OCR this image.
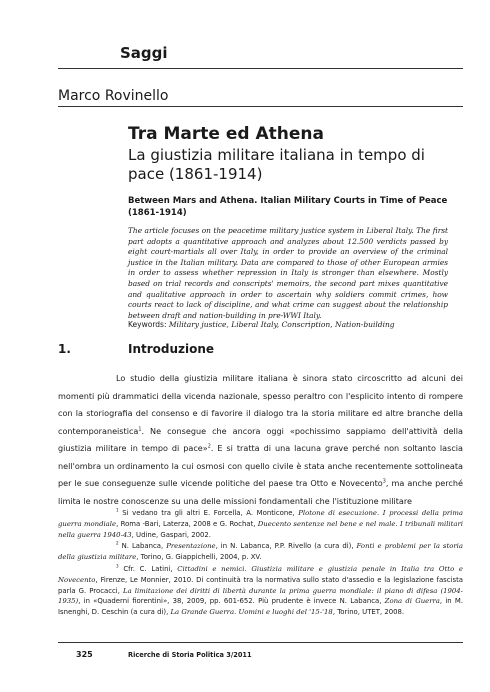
Saggi
Marco Rovinello
Tra Marte ed Athena
La giustizia militare italiana in tempo di pace (1861-1914)
Between Mars and Athena. Italian Military Courts in Time of Peace (1861-1914)
The article focuses on the peacetime military justice system in Liberal Italy. The first part adopts a quantitative approach and analyzes about 12.500 verdicts passed by eight court-martials all over Italy, in order to provide an overview of the criminal justice in the Italian military. Data are compared to those of other European armies in order to assess whether repression in Italy is stronger than elsewhere. Mostly based on trial records and conscripts' memoirs, the second part mixes quantitative and qualitative approach in order to ascertain why soldiers commit crimes, how courts react to lack of discipline, and what crime can suggest about the relationship between draft and nation-building in pre-WWI Italy.
Keywords: Military justice, Liberal Italy, Conscription, Nation-building
1.	Introduzione

Lo studio della giustizia militare italiana è sinora stato circoscritto ad alcuni dei momenti più drammatici della vicenda nazionale, spesso peraltro con l'esplicito intento di rompere con la storiografia del consenso e di favorire il dialogo tra la storia militare ed altre branche della contemporaneistica$^1$. Ne consegue che ancora oggi «pochissimo sappiamo dell'attività della giustizia militare in tempo di pace»$^2$. E si tratta di una lacuna grave perché non soltanto lascia nell'ombra un ordinamento la cui osmosi con quello civile è stata anche recentemente sottolineata per le sue conseguenze sulle vicende politiche del paese tra Otto e Novecento$^3$, ma anche perché limita le nostre conoscenze su una delle missioni fondamentali che l'istituzione militare

$^1$ Si vedano tra gli altri E. Forcella, A. Monticone, Plotone di esecuzione. I processi della prima guerra mondiale, Roma -Bari, Laterza, 2008 e G. Rochat, Duecento sentenze nel bene e nel male. I tribunali militari nella guerra 1940-43, Udine, Gaspari, 2002.

$^2$ N. Labanca, Presentazione, in N. Labanca, P.P. Rivello (a cura di), Fonti e problemi per la storia della giustizia militare, Torino, G. Giappichelli, 2004, p. XV.

$^3$ Cfr. C. Latini, Cittadini e nemici. Giustizia militare e giustizia penale in Italia tra Otto e Novecento, Firenze, Le Monnier, 2010. Di continuità tra la normativa sullo stato d'assedio e la legislazione fascista parla G. Procacci, La limitazione dei diritti di libertà durante la prima guerra mondiale: il piano di difesa (1904-1935), in «Quaderni fiorentini», 38, 2009, pp. 601-652. Più prudente è invece N. Labanca, Zona di Guerra, in M. Isnenghi, D. Ceschin (a cura di), La Grande Guerra. Uomini e luoghi del '15-'18, Torino, UTET, 2008.

325	Ricerche di Storia Politica 3/2011
